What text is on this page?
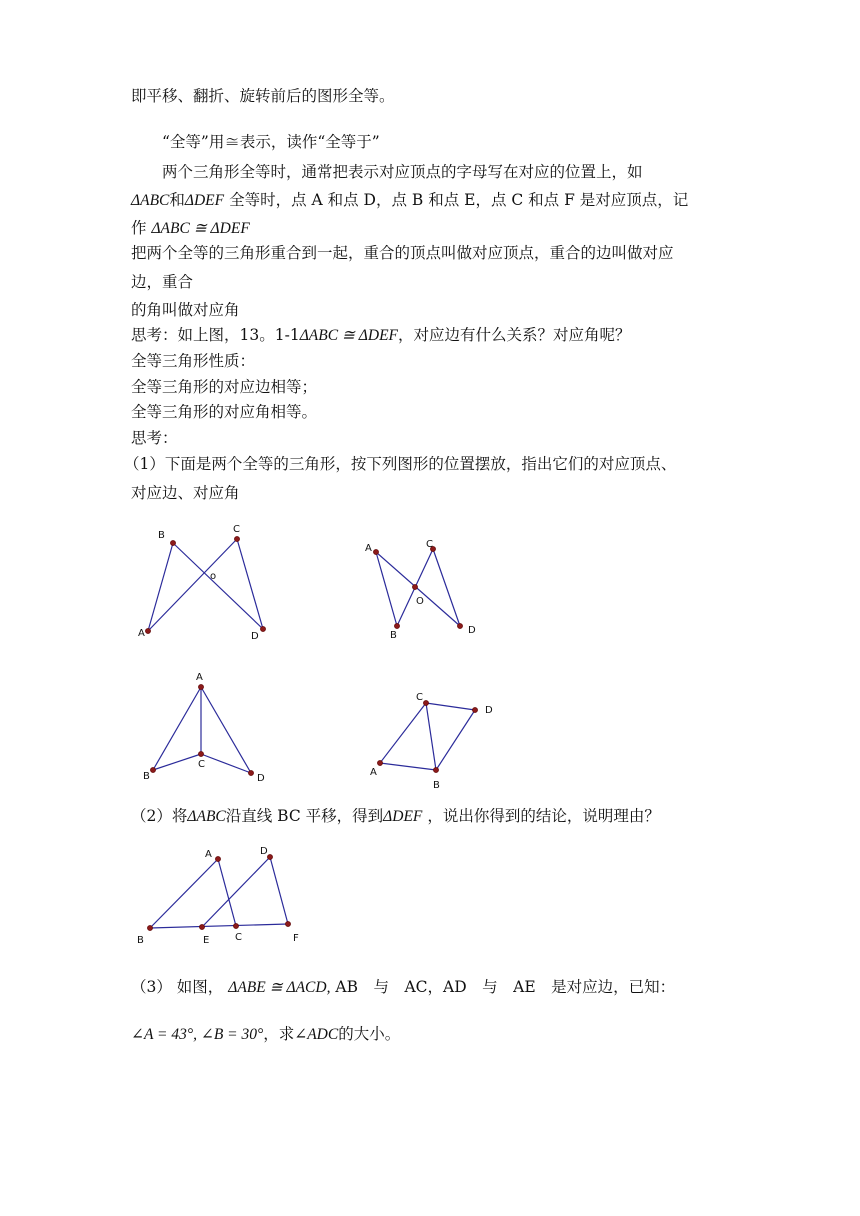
即平移、翻折、旋转前后的图形全等。
“全等”用≅表示，读作“全等于”
两个三角形全等时，通常把表示对应顶点的字母写在对应的位置上，如
ΔABC和ΔDEF 全等时，点 A 和点 D，点 B 和点 E，点 C 和点 F 是对应顶点，记
作 ΔABC ≅ ΔDEF
把两个全等的三角形重合到一起，重合的顶点叫做对应顶点，重合的边叫做对应
边，重合
的角叫做对应角
思考：如上图，13。1-1ΔABC ≅ ΔDEF，对应边有什么关系？对应角呢？
全等三角形性质：
全等三角形的对应边相等；
全等三角形的对应角相等。
思考：
（1）下面是两个全等的三角形，按下列图形的位置摆放，指出它们的对应顶点、
对应边、对应角
B
C
o
A	D
A	C
O
B	D
A
C
B	D
C
D
A
B
（2）将ΔABC沿直线 BC 平移，得到ΔDEF ，说出你得到的结论，说明理由？
A	D
B	E	C	F
（3） 如图， ΔABE ≅ ΔACD, AB　与　AC，AD　与　AE　是对应边，已知：
∠A = 43°, ∠B = 30°，求∠ADC的大小。
